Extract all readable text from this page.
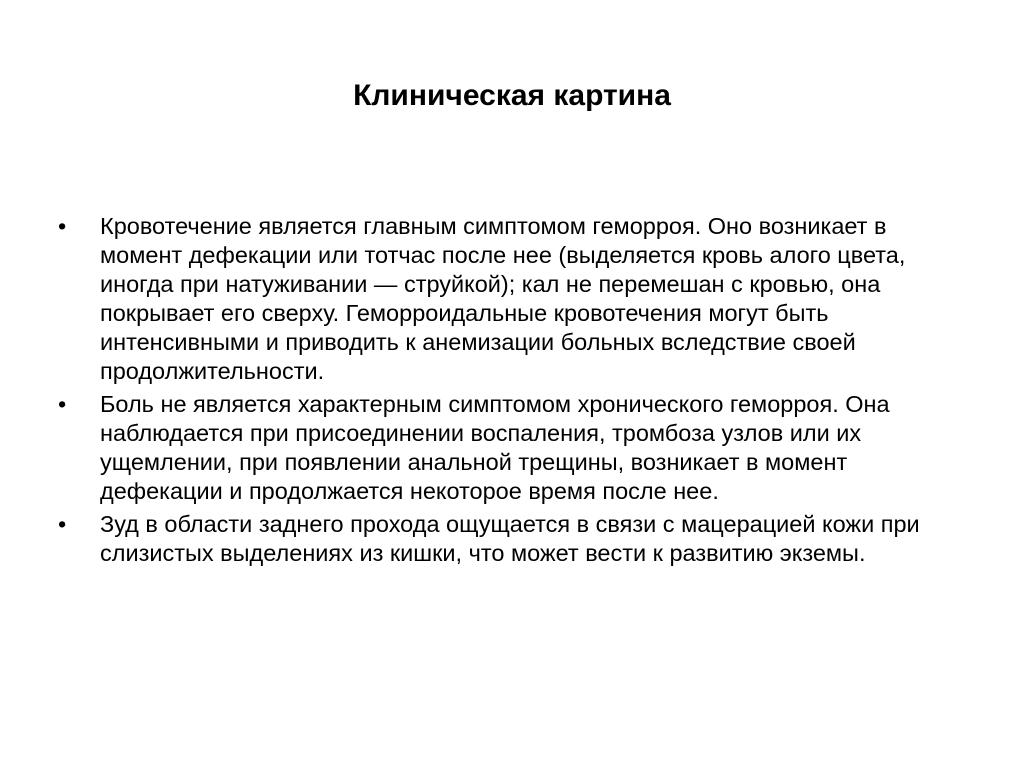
Клиническая картина
•	Кровотечение является главным симптомом геморроя. Оно возникает в момент дефекации или тотчас после нее (выделяется кровь алого цвета, иногда при натуживании — струйкой); кал не перемешан с кровью, она покрывает его сверху. Геморроидальные кровотечения могут быть интенсивными и приводить к анемизации больных вследствие своей продолжительности.
•	Боль не является характерным симптомом хронического геморроя. Она наблюдается при присоединении воспаления, тромбоза узлов или их ущемлении, при появлении анальной трещины, возникает в момент дефекации и продолжается некоторое время после нее.
•	Зуд в области заднего прохода ощущается в связи с мацерацией кожи при слизистых выделениях из кишки, что может вести к развитию экземы.
